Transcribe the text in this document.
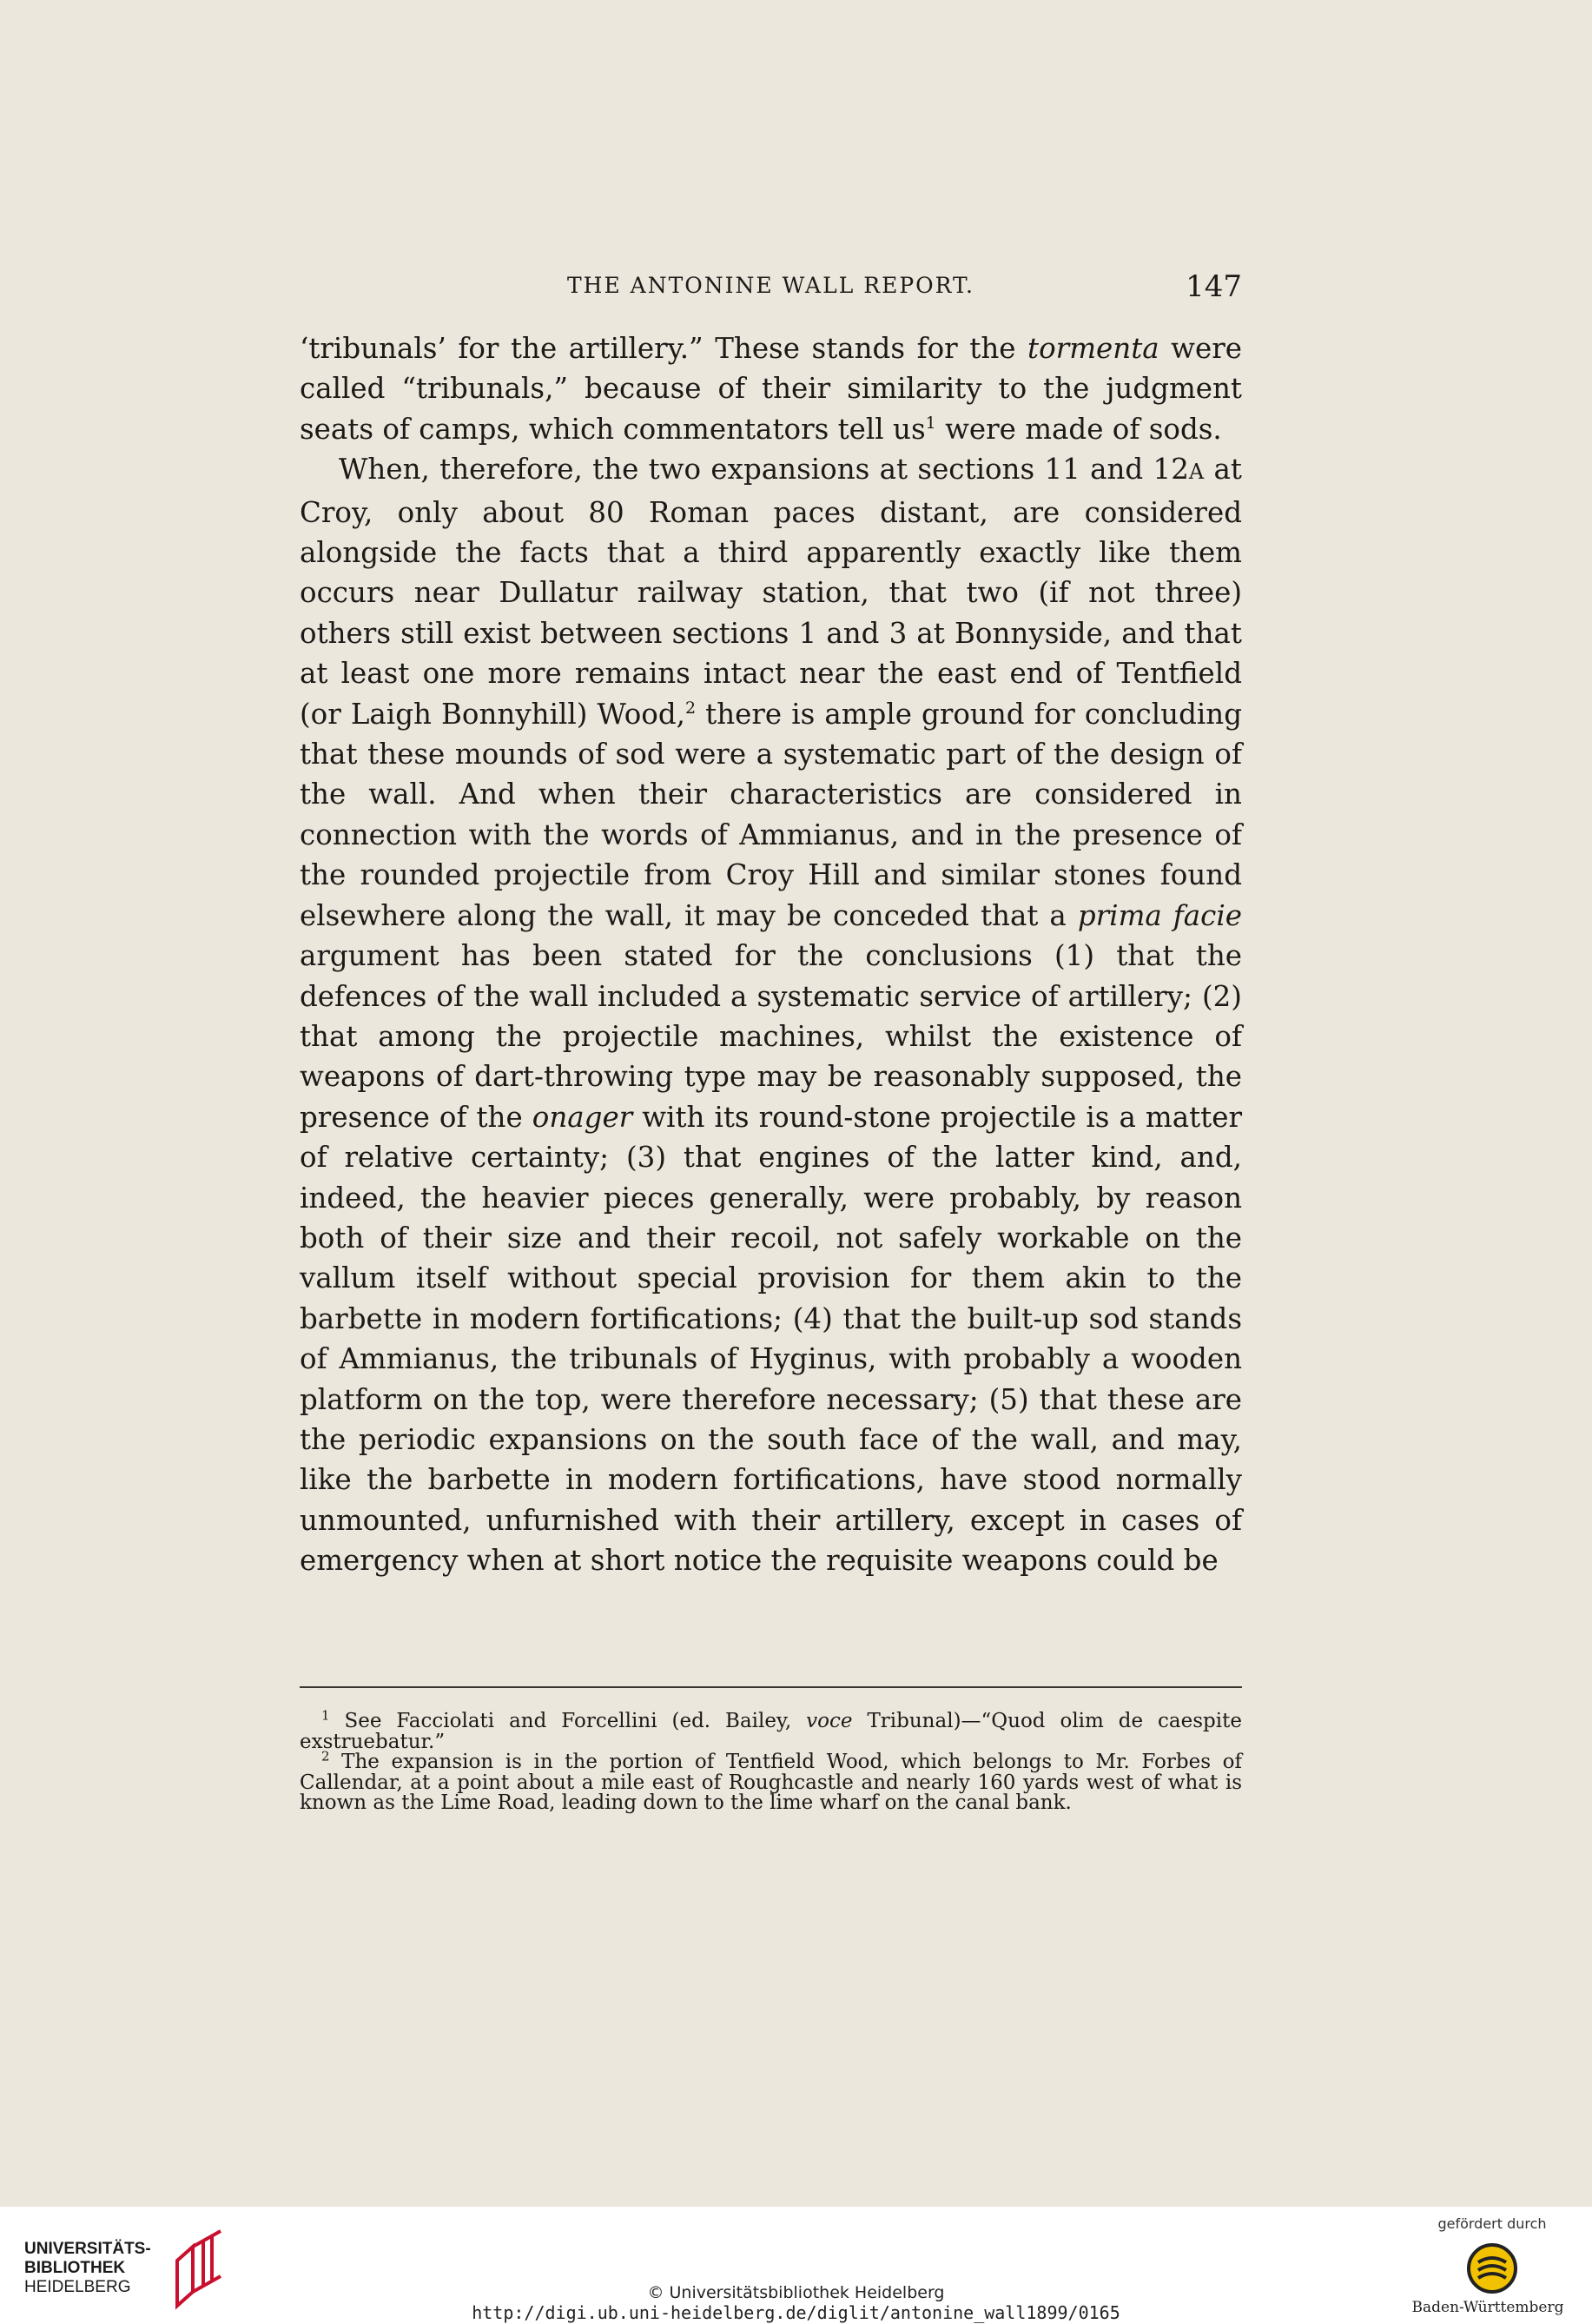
THE ANTONINE WALL REPORT.	147

‘tribunals’ for the artillery.” These stands for the tormenta were called “tribunals,” because of their similarity to the judgment seats of camps, which commentators tell $us^1$ were made of sods.

When, therefore, the two expansions at sections 11 and 12A at Croy, only about 80 Roman paces distant, are considered alongside the facts that a third apparently exactly like them occurs near Dullatur railway station, that two (if not three) others still exist between sections 1 and 3 at Bonnyside, and that at least one more remains intact near the east end of Tentfield (or Laigh Bonnyhill) Wood,$^2$ there is ample ground for concluding that these mounds of sod were a systematic part of the design of the wall. And when their characteristics are considered in connection with the words of Ammianus, and in the presence of the rounded projectile from Croy Hill and similar stones found elsewhere along the wall, it may be conceded that a prima facie argument has been stated for the conclusions (1) that the defences of the wall included a systematic service of artillery; (2) that among the projectile machines, whilst the existence of weapons of dart-throwing type may be reasonably supposed, the presence of the onager with its round-stone projectile is a matter of relative certainty; (3) that engines of the latter kind, and, indeed, the heavier pieces generally, were probably, by reason both of their size and their recoil, not safely workable on the vallum itself without special provision for them akin to the barbette in modern fortifications; (4) that the built-up sod stands of Ammianus, the tribunals of Hyginus, with probably a wooden platform on the top, were therefore necessary; (5) that these are the periodic expansions on the south face of the wall, and may, like the barbette in modern fortifications, have stood normally unmounted, unfurnished with their artillery, except in cases of emergency when at short notice the requisite weapons could be

$^1$ See Facciolati and Forcellini (ed. Bailey, voce Tribunal)—“Quod olim de caespite exstruebatur.”

$^2$ The expansion is in the portion of Tentfield Wood, which belongs to Mr. Forbes of Callendar, at a point about a mile east of Roughcastle and nearly 160 yards west of what is known as the Lime Road, leading down to the lime wharf on the canal bank.

UNIVERSITÄTS-
BIBLIOTHEK
HEIDELBERG	© Universitätsbibliothek Heidelberg
http://digi.ub.uni-heidelberg.de/diglit/antonine_wall1899/0165
gefördert durch
Baden-Württemberg
